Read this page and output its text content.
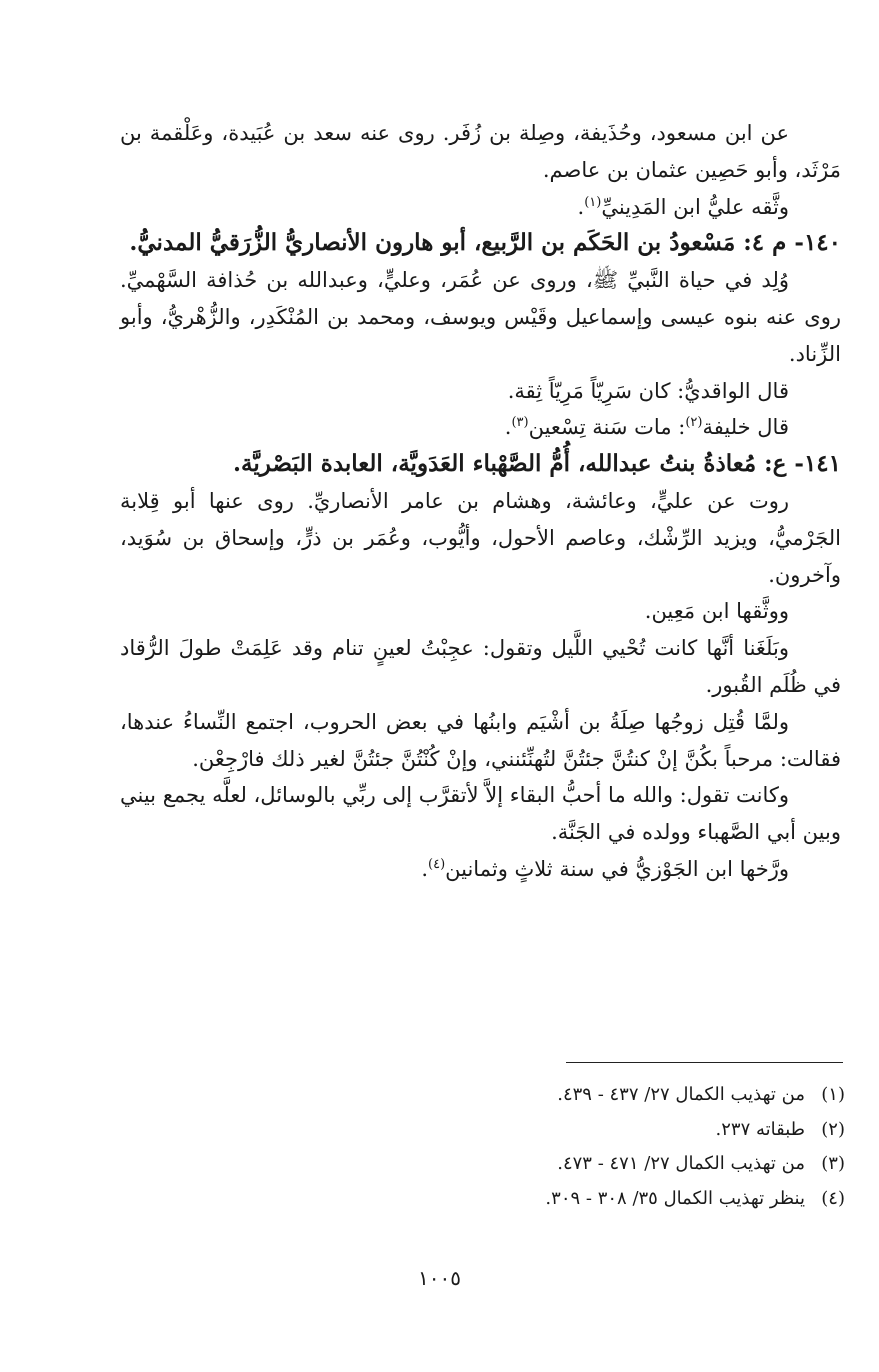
عن ابن مسعود، وحُذَيفة، وصِلة بن زُفَر. روى عنه سعد بن عُبَيدة، وعَلْقمة بن مَرْثَد، وأبو حَصِين عثمان بن عاصم.

وثَّقه عليُّ ابن المَدِينيِّ$^{(١)}$.

١٤٠- م ٤: مَسْعودُ بن الحَكَم بن الرَّبيع، أبو هارون الأنصاريُّ الزُّرَقيُّ المدنيُّ.

وُلِد في حياة النَّبيِّ ﷺ، وروى عن عُمَر، وعليٍّ، وعبدالله بن حُذافة السَّهْميِّ. روى عنه بنوه عيسى وإسماعيل وقَيْس ويوسف، ومحمد بن المُنْكَدِر، والزُّهْريُّ، وأبو الزِّناد.

قال الواقديُّ: كان سَرِيّاً مَرِيّاً ثِقة.

قال خليفة$^{(٢)}$: مات سَنة تِسْعين$^{(٣)}$.

١٤١- ع: مُعاذةُ بنتُ عبدالله، أُمُّ الصَّهْباء العَدَويَّة، العابدة البَصْريَّة.

روت عن عليٍّ، وعائشة، وهشام بن عامر الأنصاريِّ. روى عنها أبو قِلابة الجَرْميُّ، ويزيد الرِّشْك، وعاصم الأحول، وأيُّوب، وعُمَر بن ذرٍّ، وإسحاق بن سُوَيد، وآخرون.

ووثَّقها ابن مَعِين.

وبَلَغَنا أنَّها كانت تُحْيي اللَّيل وتقول: عجِبْتُ لعينٍ تنام وقد عَلِمَتْ طولَ الرُّقاد في ظُلَم القُبور.

ولمَّا قُتِل زوجُها صِلَةُ بن أشْيَم وابنُها في بعض الحروب، اجتمع النِّساءُ عندها، فقالت: مرحباً بكُنَّ إنْ كنتُنَّ جئتُنَّ لتُهنِّئنني، وإنْ كُنْتُنَّ جئتُنَّ لغير ذلك فارْجِعْن.

وكانت تقول: والله ما أحبُّ البقاء إلاَّ لأتقرَّب إلى ربِّي بالوسائل، لعلَّه يجمع بيني وبين أبي الصَّهباء وولده في الجَنَّة.

ورَّخها ابن الجَوْزيُّ في سنة ثلاثٍ وثمانين$^{(٤)}$.

(١)
من تهذيب الكمال ٢٧/ ٤٣٧ - ٤٣٩.
(٢)
طبقاته ٢٣٧.
(٣)
من تهذيب الكمال ٢٧/ ٤٧١ - ٤٧٣.
(٤)
ينظر تهذيب الكمال ٣٥/ ٣٠٨ - ٣٠٩.
١٠٠٥
